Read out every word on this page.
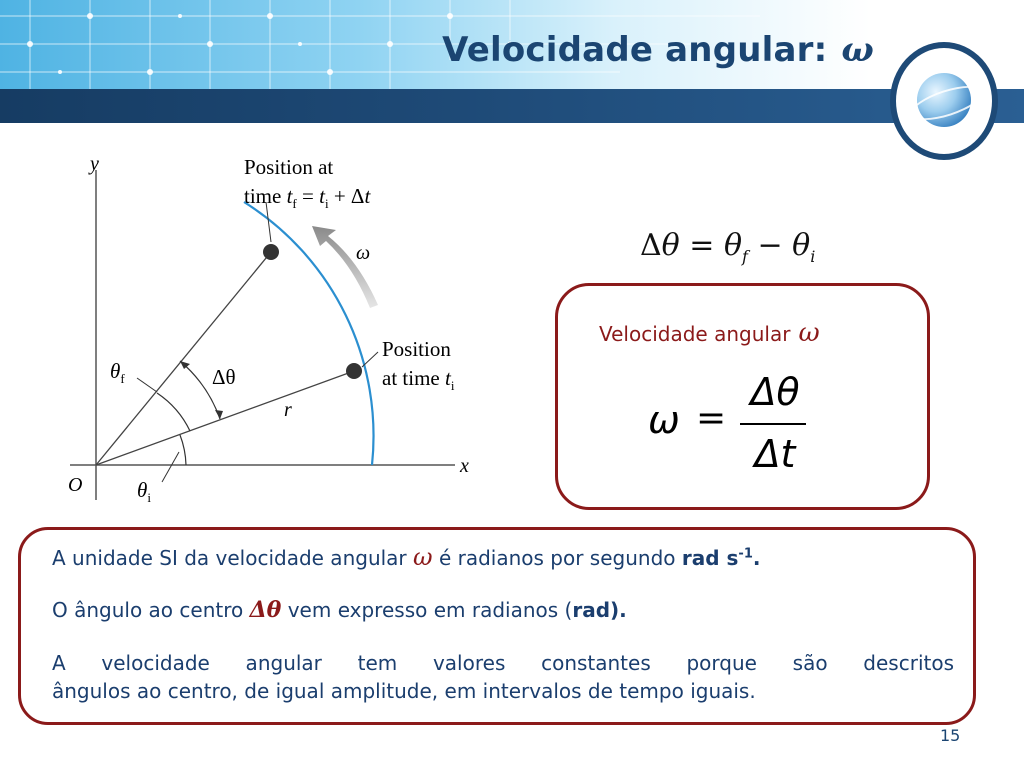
Velocidade angular: ω
y
x
O
Position at
time $t_f = t_i + \Delta t$
ω
Position
at time $t_i$
$\theta_f$	Δθ
r
$\theta_i$
$\Delta\theta = \theta_f - \theta_i$
Velocidade angular ω
ω =
Δθ
Δt
A unidade SI da velocidade angular ω é radianos por segundo rad $s^{-1}$.
O ângulo ao centro Δθ vem expresso em radianos (rad).
A velocidade angular tem valores constantes porque são descritos
ângulos ao centro, de igual amplitude, em intervalos de tempo iguais.
15
